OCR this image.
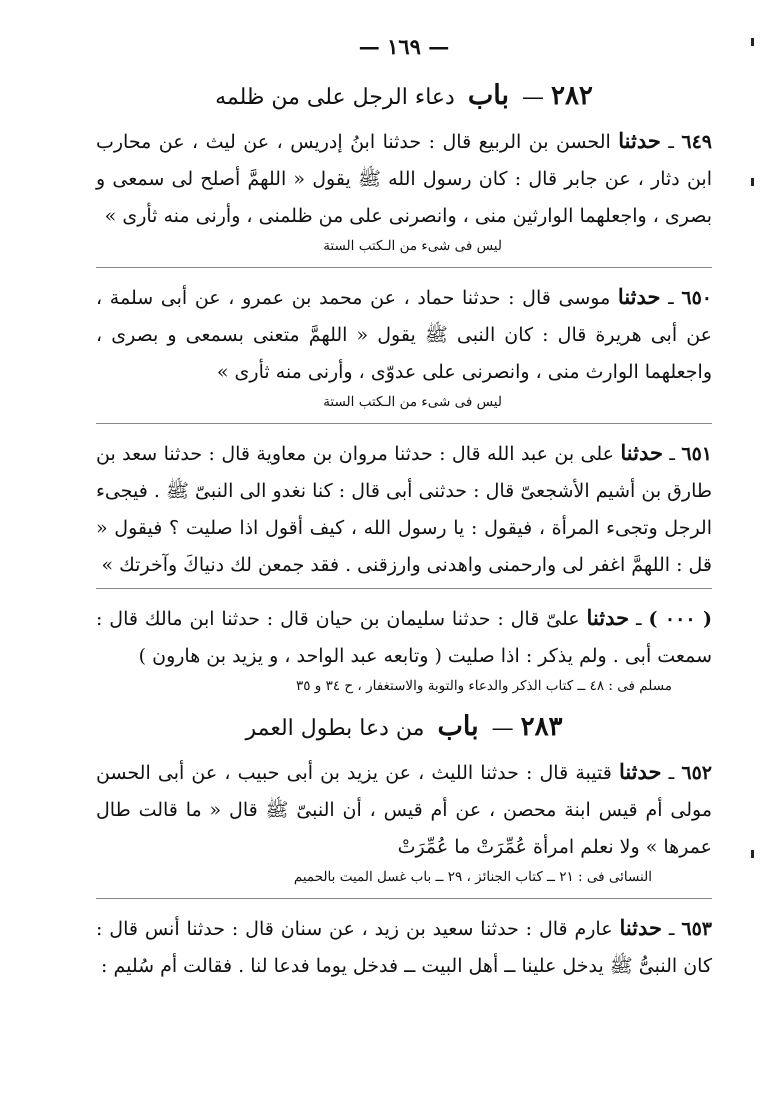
— ١٦٩ —
٢٨٢ — باب دعاء الرجل على من ظلمه

٦٤٩ ـ حدثنا الحسن بن الربيع قال : حدثنا ابنُ إدريس ، عن ليث ، عن محارب ابن دثار ، عن جابر قال : كان رسول الله ﷺ يقول « اللهمَّ أصلح لى سمعى و بصرى ، واجعلهما الوارثين منى ، وانصرنى على من ظلمنى ، وأرنى منه ثأرى »

ليس فى شىء من الـكتب الستة

٦٥٠ ـ حدثنا موسى قال : حدثنا حماد ، عن محمد بن عمرو ، عن أبى سلمة ، عن أبى هريرة قال : كان النبى ﷺ يقول « اللهمَّ متعنى بسمعى و بصرى ، واجعلهما الوارث منى ، وانصرنى على عدوّى ، وأرنى منه ثأرى »

ليس فى شىء من الـكتب الستة

٦٥١ ـ حدثنا على بن عبد الله قال : حدثنا مروان بن معاوية قال : حدثنا سعد بن طارق بن أشيم الأشجعىّ قال : حدثنى أبى قال : كنا نغدو الى النبىّ ﷺ . فيجىء الرجل وتجىء المرأة ، فيقول : يا رسول الله ، كيف أقول اذا صليت ؟ فيقول « قل : اللهمَّ اغفر لى وارحمنى واهدنى وارزقنى . فقد جمعن لك دنياكَ وآخرتك »

( ٠٠٠ ) ـ حدثنا علىّ قال : حدثنا سليمان بن حيان قال : حدثنا ابن مالك قال : سمعت أبى . ولم يذكر : اذا صليت ( وتابعه عبد الواحد ، و يزيد بن هارون )

مسلم فى : ٤٨ ــ كتاب الذكر والدعاء والتوبة والاستغفار ، ح ٣٤ و ٣٥
٢٨٣ — باب من دعا بطول العمر

٦٥٢ ـ حدثنا قتيبة قال : حدثنا الليث ، عن يزيد بن أبى حبيب ، عن أبى الحسن مولى أم قيس ابنة محصن ، عن أم قيس ، أن النبىّ ﷺ قال « ما قالت طال عمرها » ولا نعلم امرأة عُمِّرَتْ ما عُمِّرَتْ

النسائى فى : ٢١ ــ كتاب الجنائز ، ٢٩ ــ باب غسل الميت بالحميم

٦٥٣ ـ حدثنا عارم قال : حدثنا سعيد بن زيد ، عن سنان قال : حدثنا أنس قال : كان النبىُّ ﷺ يدخل علينا ــ أهل البيت ــ فدخل يوما فدعا لنا . فقالت أم سُليم :
